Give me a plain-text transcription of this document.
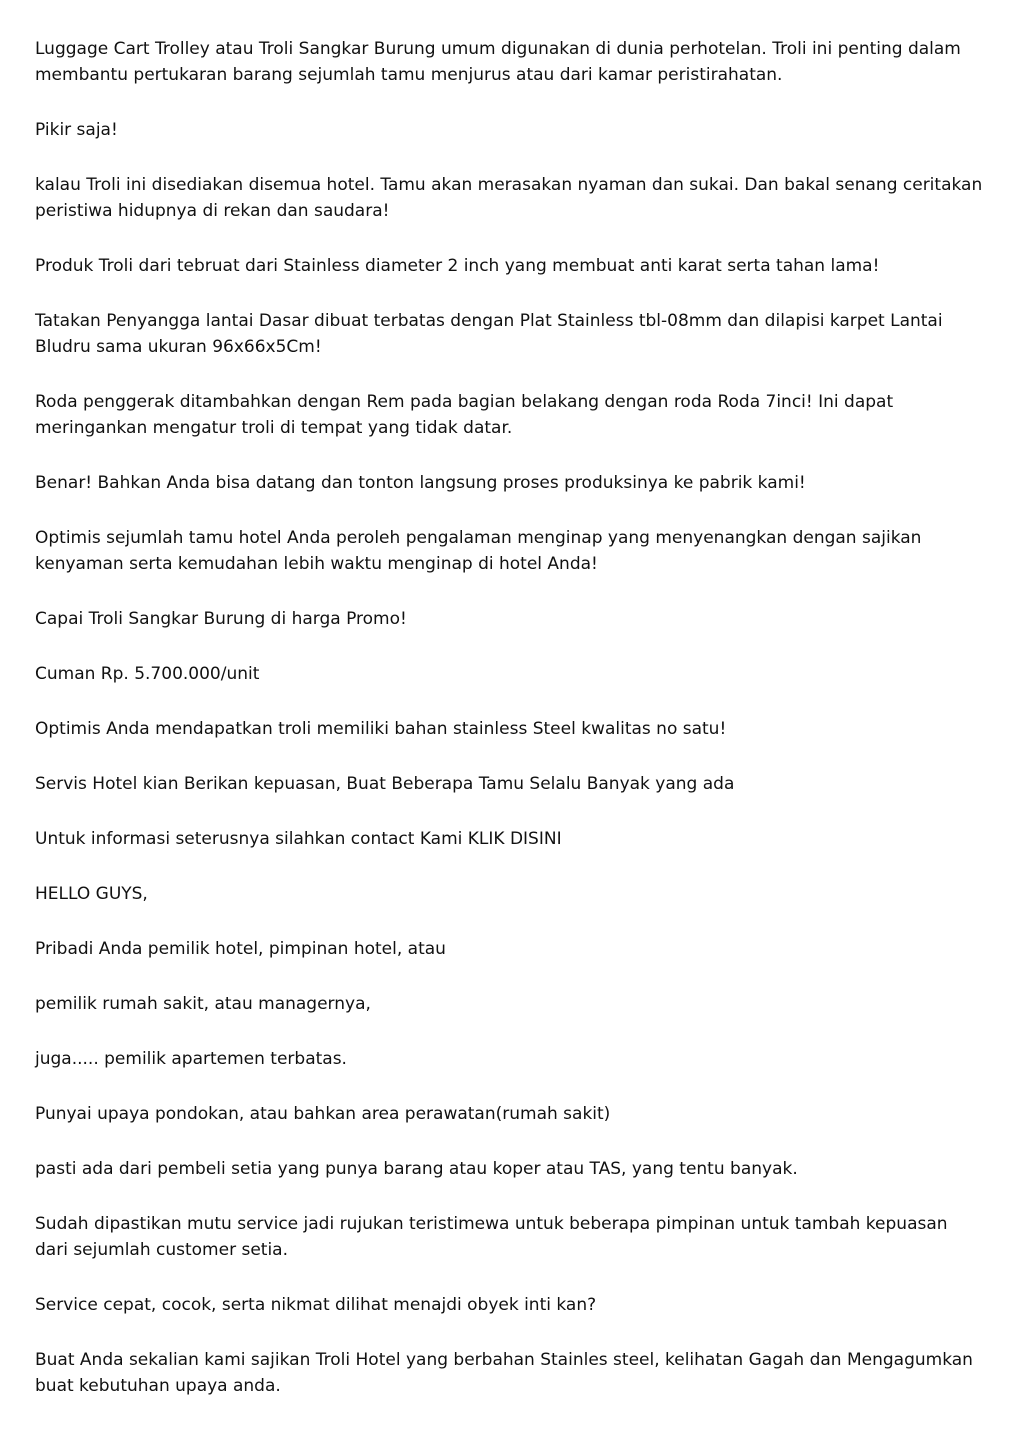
Luggage Cart Trolley atau Troli Sangkar Burung umum digunakan di dunia perhotelan. Troli ini penting dalam membantu pertukaran barang sejumlah tamu menjurus atau dari kamar peristirahatan.

Pikir saja!

kalau Troli ini disediakan disemua hotel. Tamu akan merasakan nyaman dan sukai. Dan bakal senang ceritakan peristiwa hidupnya di rekan dan saudara!

Produk Troli dari tebruat dari Stainless diameter 2 inch yang membuat anti karat serta tahan lama!

Tatakan Penyangga lantai Dasar dibuat terbatas dengan Plat Stainless tbl-08mm dan dilapisi karpet Lantai Bludru sama ukuran 96x66x5Cm!

Roda penggerak ditambahkan dengan Rem pada bagian belakang dengan roda Roda 7inci! Ini dapat meringankan mengatur troli di tempat yang tidak datar.

Benar! Bahkan Anda bisa datang dan tonton langsung proses produksinya ke pabrik kami!

Optimis sejumlah tamu hotel Anda peroleh pengalaman menginap yang menyenangkan dengan sajikan kenyaman serta kemudahan lebih waktu menginap di hotel Anda!

Capai Troli Sangkar Burung di harga Promo!

Cuman Rp. 5.700.000/unit

Optimis Anda mendapatkan troli memiliki bahan stainless Steel kwalitas no satu!

Servis Hotel kian Berikan kepuasan, Buat Beberapa Tamu Selalu Banyak yang ada

Untuk informasi seterusnya silahkan contact Kami KLIK DISINI

HELLO GUYS,

Pribadi Anda pemilik hotel, pimpinan hotel, atau

pemilik rumah sakit, atau managernya,

juga..... pemilik apartemen terbatas.

Punyai upaya pondokan, atau bahkan area perawatan(rumah sakit)

pasti ada dari pembeli setia yang punya barang atau koper atau TAS, yang tentu banyak.

Sudah dipastikan mutu service jadi rujukan teristimewa untuk beberapa pimpinan untuk tambah kepuasan dari sejumlah customer setia.

Service cepat, cocok, serta nikmat dilihat menajdi obyek inti kan?

Buat Anda sekalian kami sajikan Troli Hotel yang berbahan Stainles steel, kelihatan Gagah dan Mengagumkan buat kebutuhan upaya anda.
